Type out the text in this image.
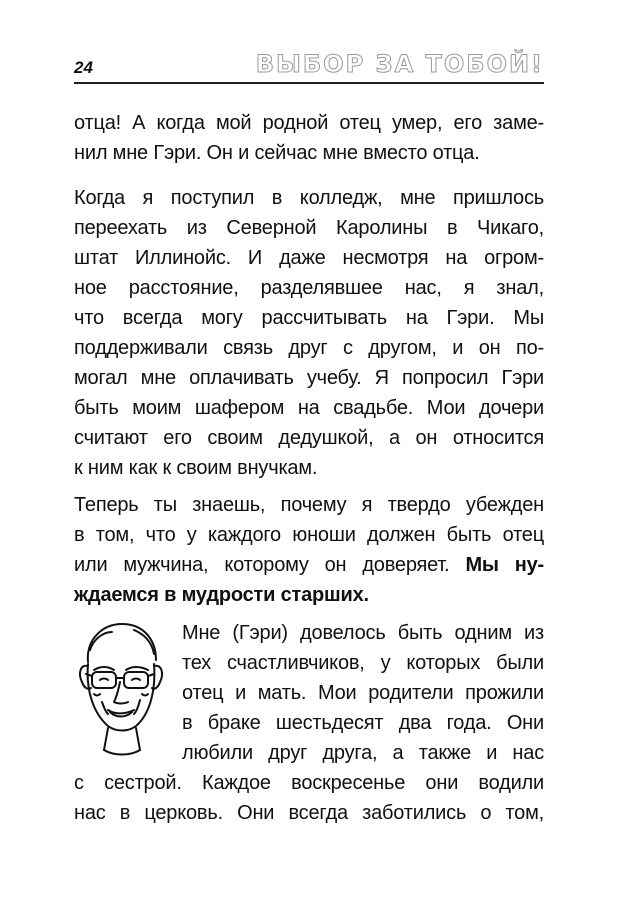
24	ВЫБОР ЗА ТОБОЙ!
отца! А когда мой родной отец умер, его заме-
нил мне Гэри. Он и сейчас мне вместо отца.
Когда я поступил в колледж, мне пришлось
переехать из Северной Каролины в Чикаго,
штат Иллинойс. И даже несмотря на огром-
ное расстояние, разделявшее нас, я знал,
что всегда могу рассчитывать на Гэри. Мы
поддерживали связь друг с другом, и он по-
могал мне оплачивать учебу. Я попросил Гэри
быть моим шафером на свадьбе. Мои дочери
считают его своим дедушкой, а он относится
к ним как к своим внучкам.
Теперь ты знаешь, почему я твердо убежден
в том, что у каждого юноши должен быть отец
или мужчина, которому он доверяет. Мы ну-
ждаемся в мудрости старших.
Мне (Гэри) довелось быть одним из
тех счастливчиков, у которых были
отец и мать. Мои родители прожили
в браке шестьдесят два года. Они
любили друг друга, а также и нас
с сестрой. Каждое воскресенье они водили
нас в церковь. Они всегда заботились о том,
